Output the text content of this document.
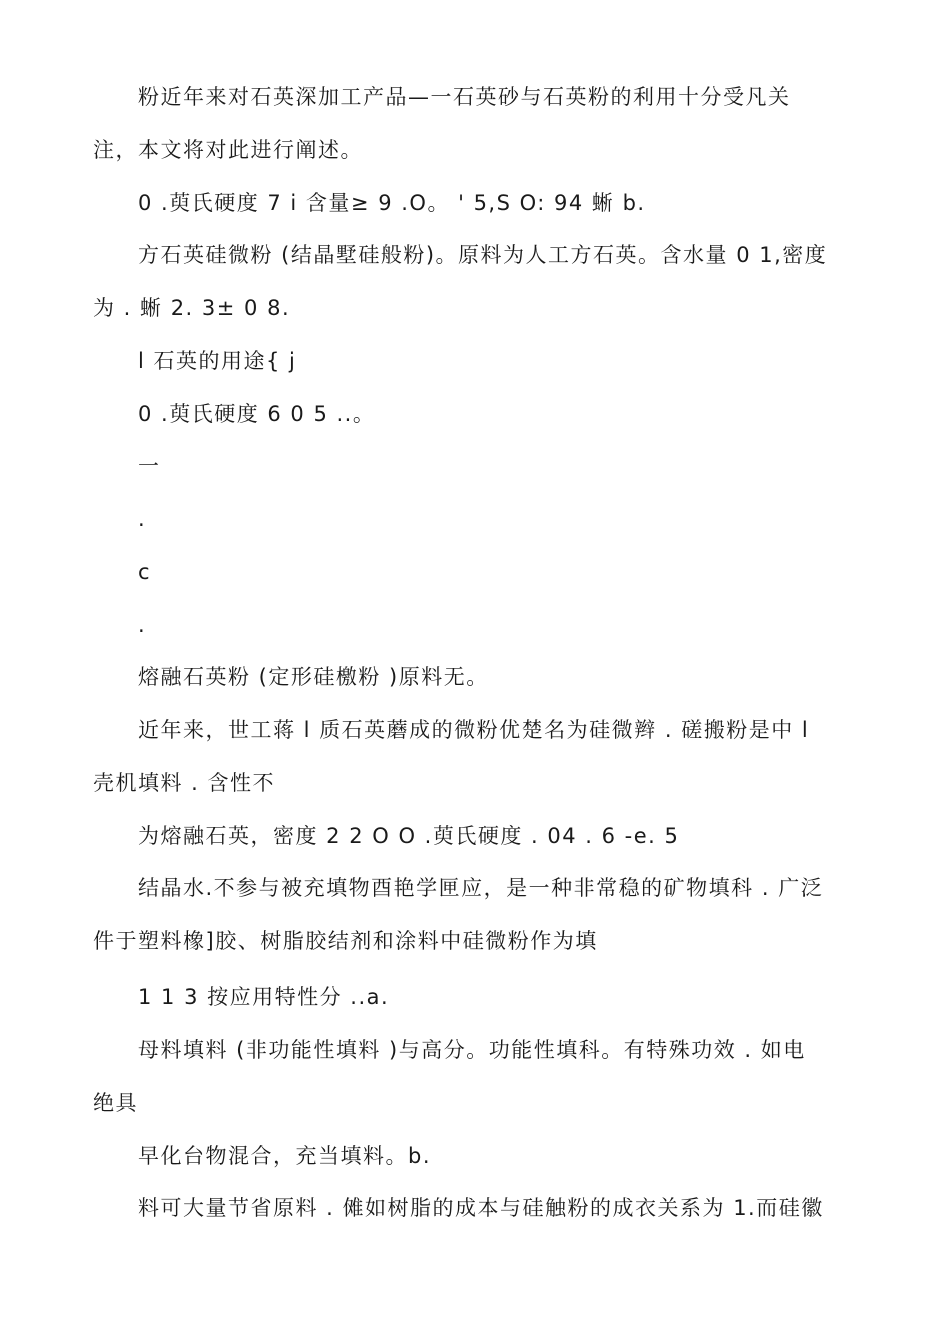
粉近年来对石英深加工产品—一石英砂与石英粉的利用十分受凡关
注，本文将对此进行阐述。
0 .萸氏硬度 7 i 含量≥ 9 .O。 ' 5,S O: 94 蜥 b.
方石英硅微粉 (结晶墅硅般粉)。原料为人工方石英。含水量 0 1,密度
为 . 蜥 2. 3± 0 8.
l 石英的用途{ j
0 .萸氏硬度 6 0 5 ..。
一
.
c
.
熔融石英粉 (定形硅檄粉 )原料无。
近年来，世工蒋 l 质石英蘑成的微粉优楚名为硅微辫 . 磋搬粉是中 l
壳机填料 . 含性不
为熔融石英，密度 2 2 O O .萸氏硬度 . 04 . 6 -e. 5
结晶水.不参与被充填物酉艳学匣应，是一种非常稳的矿物填科 . 广泛
件于塑料橡]胶、树脂胶结剂和涂料中硅微粉作为填
1 1 3 按应用特性分 ..a.
母料填料 (非功能性填料 )与高分。功能性填科。有特殊功效 . 如电
绝具
早化台物混合，充当填料。b.
料可大量节省原料 . 傩如树脂的成本与硅触粉的成衣关系为 1.而硅徽
